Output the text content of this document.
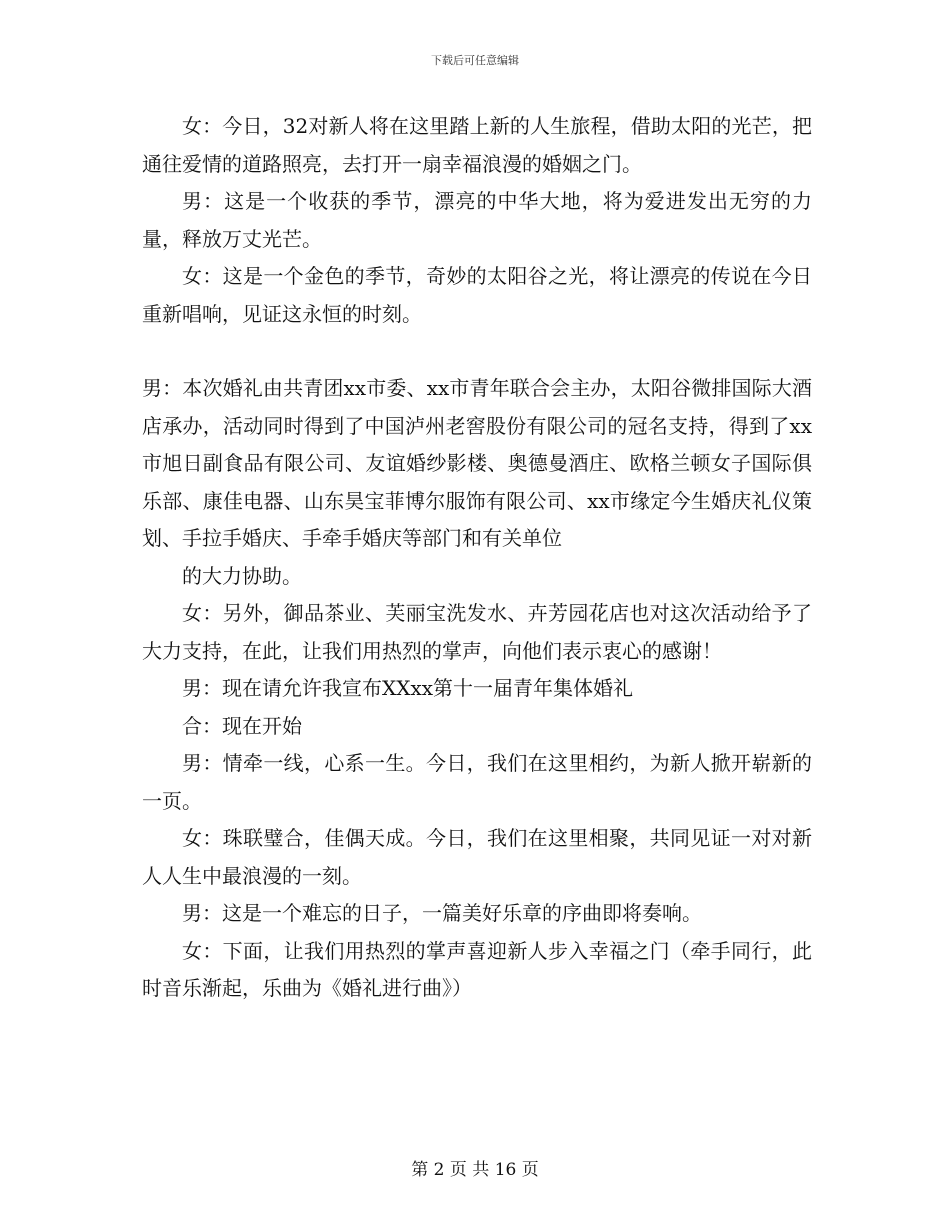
下载后可任意编辑

女：今日，32对新人将在这里踏上新的人生旅程，借助太阳的光芒，把通往爱情的道路照亮，去打开一扇幸福浪漫的婚姻之门。

男：这是一个收获的季节，漂亮的中华大地，将为爱进发出无穷的力量，释放万丈光芒。

女：这是一个金色的季节，奇妙的太阳谷之光，将让漂亮的传说在今日重新唱响，见证这永恒的时刻。

男：本次婚礼由共青团xx市委、xx市青年联合会主办，太阳谷微排国际大酒店承办，活动同时得到了中国泸州老窖股份有限公司的冠名支持，得到了xx市旭日副食品有限公司、友谊婚纱影楼、奥德曼酒庄、欧格兰顿女子国际俱乐部、康佳电器、山东昊宝菲博尔服饰有限公司、xx市缘定今生婚庆礼仪策划、手拉手婚庆、手牵手婚庆等部门和有关单位

的大力协助。

女：另外，御品茶业、芙丽宝洗发水、卉芳园花店也对这次活动给予了大力支持，在此，让我们用热烈的掌声，向他们表示衷心的感谢！

男：现在请允许我宣布XXxx第十一届青年集体婚礼

合：现在开始

男：情牵一线，心系一生。今日，我们在这里相约，为新人掀开崭新的一页。

女：珠联璧合，佳偶天成。今日，我们在这里相聚，共同见证一对对新人人生中最浪漫的一刻。

男：这是一个难忘的日子，一篇美好乐章的序曲即将奏响。

女：下面，让我们用热烈的掌声喜迎新人步入幸福之门（牵手同行，此时音乐渐起，乐曲为《婚礼进行曲》）

第 2 页 共 16 页
